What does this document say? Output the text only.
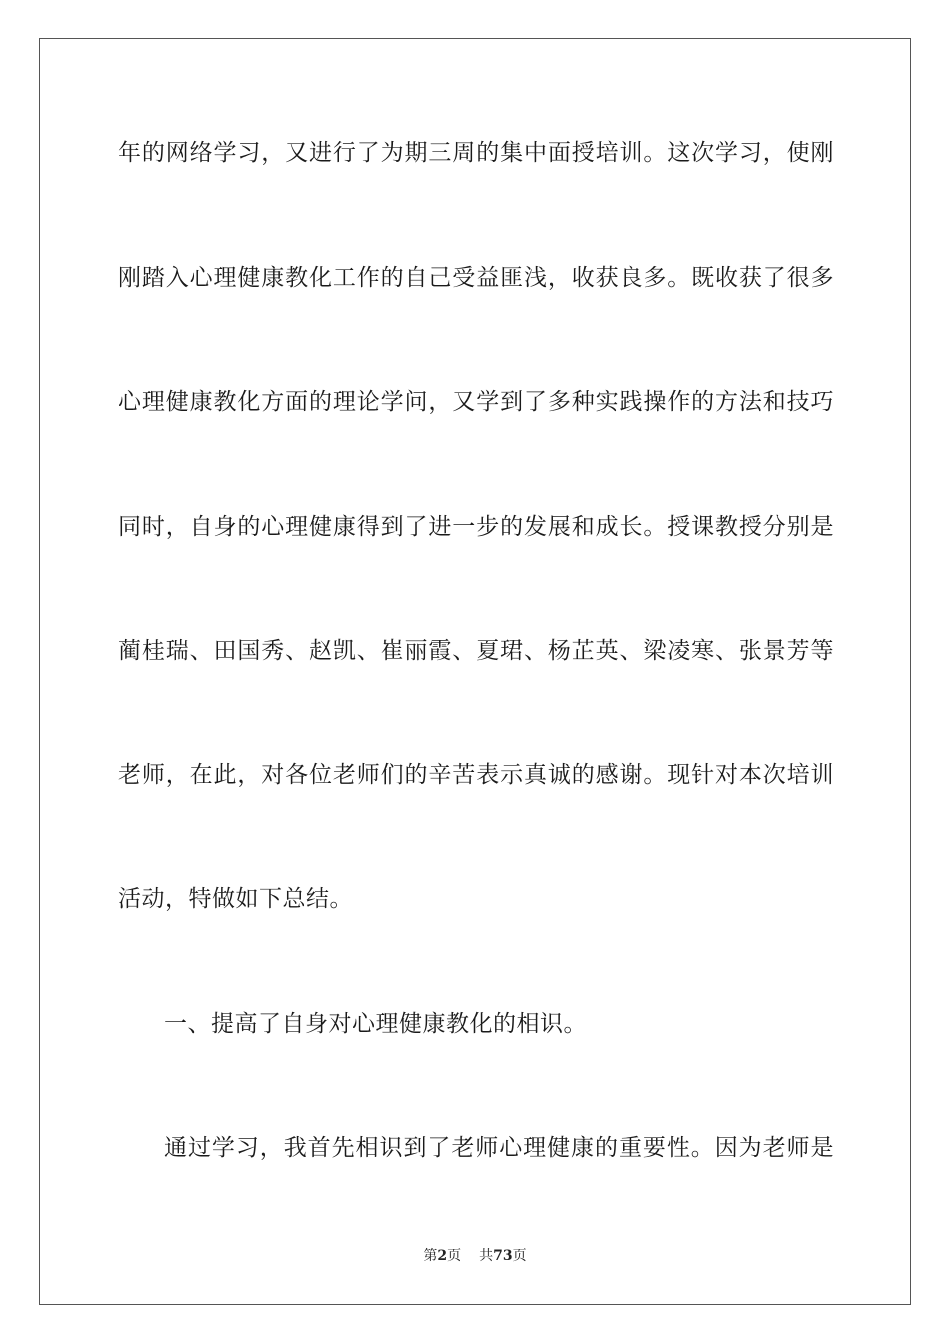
年的网络学习，又进行了为期三周的集中面授培训。这次学习，使刚
刚踏入心理健康教化工作的自己受益匪浅，收获良多。既收获了很多
心理健康教化方面的理论学问，又学到了多种实践操作的方法和技巧
同时，自身的心理健康得到了进一步的发展和成长。授课教授分别是
蔺桂瑞、田国秀、赵凯、崔丽霞、夏珺、杨芷英、梁凌寒、张景芳等
老师，在此，对各位老师们的辛苦表示真诚的感谢。现针对本次培训
活动，特做如下总结。
一、提高了自身对心理健康教化的相识。
通过学习，我首先相识到了老师心理健康的重要性。因为老师是
第2页 共73页
